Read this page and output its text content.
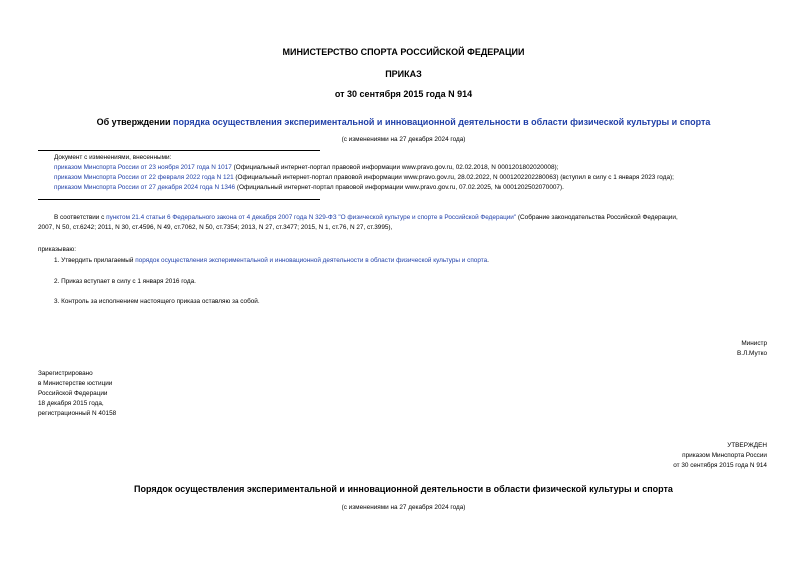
МИНИСТЕРСТВО СПОРТА РОССИЙСКОЙ ФЕДЕРАЦИИ
ПРИКАЗ
от 30 сентября 2015 года N 914
Об утверждении порядка осуществления экспериментальной и инновационной деятельности в области физической культуры и спорта
(с изменениями на 27 декабря 2024 года)
Документ с изменениями, внесенными:
приказом Минспорта России от 23 ноября 2017 года N 1017 (Официальный интернет-портал правовой информации www.pravo.gov.ru, 02.02.2018, N 0001201802020008);
приказом Минспорта России от 22 февраля 2022 года N 121 (Официальный интернет-портал правовой информации www.pravo.gov.ru, 28.02.2022, N 0001202202280063) (вступил в силу с 1 января 2023 года);
приказом Минспорта России от 27 декабря 2024 года N 1346 (Официальный интернет-портал правовой информации www.pravo.gov.ru, 07.02.2025, № 0001202502070007).
В соответствии с пунктом 21.4 статьи 6 Федерального закона от 4 декабря 2007 года N 329-ФЗ "О физической культуре и спорте в Российской Федерации" (Собрание законодательства Российской Федерации,
2007, N 50, ст.6242; 2011, N 30, ст.4596, N 49, ст.7062, N 50, ст.7354; 2013, N 27, ст.3477; 2015, N 1, ст.76, N 27, ст.3995),
приказываю:
1. Утвердить прилагаемый порядок осуществления экспериментальной и инновационной деятельности в области физической культуры и спорта.
2. Приказ вступает в силу с 1 января 2016 года.
3. Контроль за исполнением настоящего приказа оставляю за собой.
Министр
В.Л.Мутко
Зарегистрировано
в Министерстве юстиции
Российской Федерации
18 декабря 2015 года,
регистрационный N 40158
УТВЕРЖДЕН
приказом Минспорта России
от 30 сентября 2015 года N 914
Порядок осуществления экспериментальной и инновационной деятельности в области физической культуры и спорта
(с изменениями на 27 декабря 2024 года)
